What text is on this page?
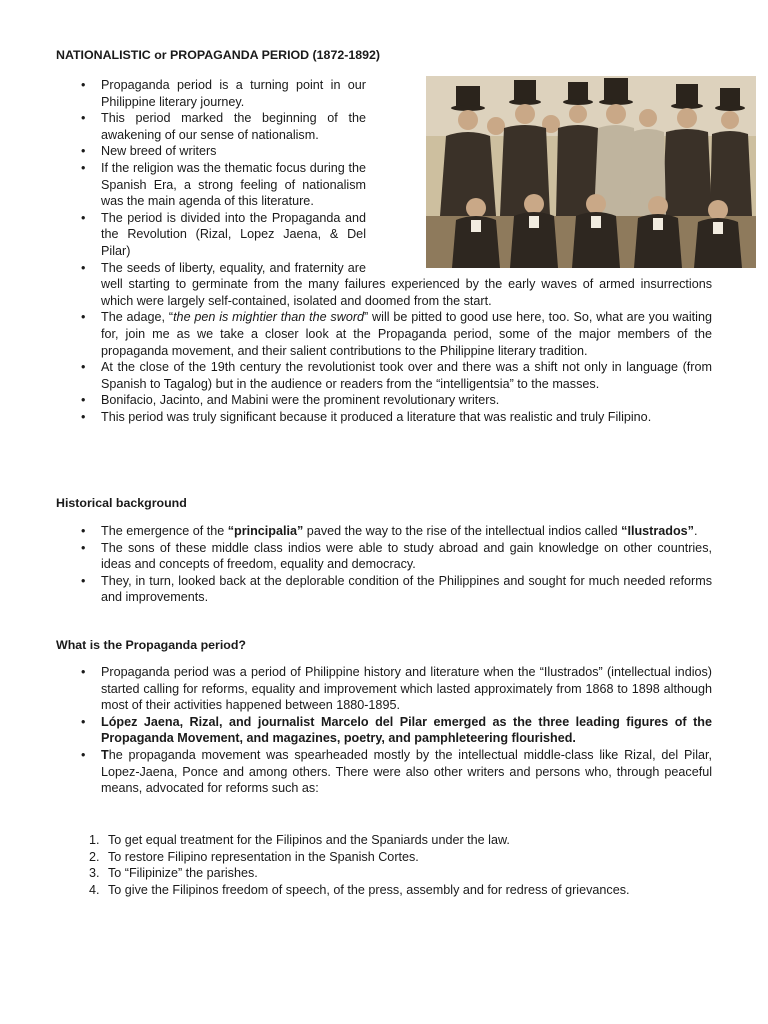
NATIONALISTIC or PROPAGANDA PERIOD (1872-1892)
• Propaganda period is a turning point in our Philippine literary journey.
• This period marked the beginning of the awakening of our sense of nationalism.
• New breed of writers
• If the religion was the thematic focus during the Spanish Era, a strong feeling of nationalism was the main agenda of this literature.
• The period is divided into the Propaganda and the Revolution (Rizal, Lopez Jaena, & Del Pilar)
• The seeds of liberty, equality, and fraternity are well starting to germinate from the many failures experienced by the early waves of armed insurrections which were largely self-contained, isolated and doomed from the start.
• The adage, “the pen is mightier than the sword” will be pitted to good use here, too. So, what are you waiting for, join me as we take a closer look at the Propaganda period, some of the major members of the propaganda movement, and their salient contributions to the Philippine literary tradition.
• At the close of the 19th century the revolutionist took over and there was a shift not only in language (from Spanish to Tagalog) but in the audience or readers from the “intelligentsia” to the masses.
• Bonifacio, Jacinto, and Mabini were the prominent revolutionary writers.
• This period was truly significant because it produced a literature that was realistic and truly Filipino.
Historical background
• The emergence of the “principalia” paved the way to the rise of the intellectual indios called “Ilustrados”.
• The sons of these middle class indios were able to study abroad and gain knowledge on other countries, ideas and concepts of freedom, equality and democracy.
• They, in turn, looked back at the deplorable condition of the Philippines and sought for much needed reforms and improvements.
What is the Propaganda period?
• Propaganda period was a period of Philippine history and literature when the “Ilustrados” (intellectual indios) started calling for reforms, equality and improvement which lasted approximately from 1868 to 1898 although most of their activities happened between 1880-1895.
• López Jaena, Rizal, and journalist Marcelo del Pilar emerged as the three leading figures of the Propaganda Movement, and magazines, poetry, and pamphleteering flourished.
• The propaganda movement was spearheaded mostly by the intellectual middle-class like Rizal, del Pilar, Lopez-Jaena, Ponce and among others. There were also other writers and persons who, through peaceful means, advocated for reforms such as:
1. To get equal treatment for the Filipinos and the Spaniards under the law.
2. To restore Filipino representation in the Spanish Cortes.
3. To “Filipinize” the parishes.
4. To give the Filipinos freedom of speech, of the press, assembly and for redress of grievances.
